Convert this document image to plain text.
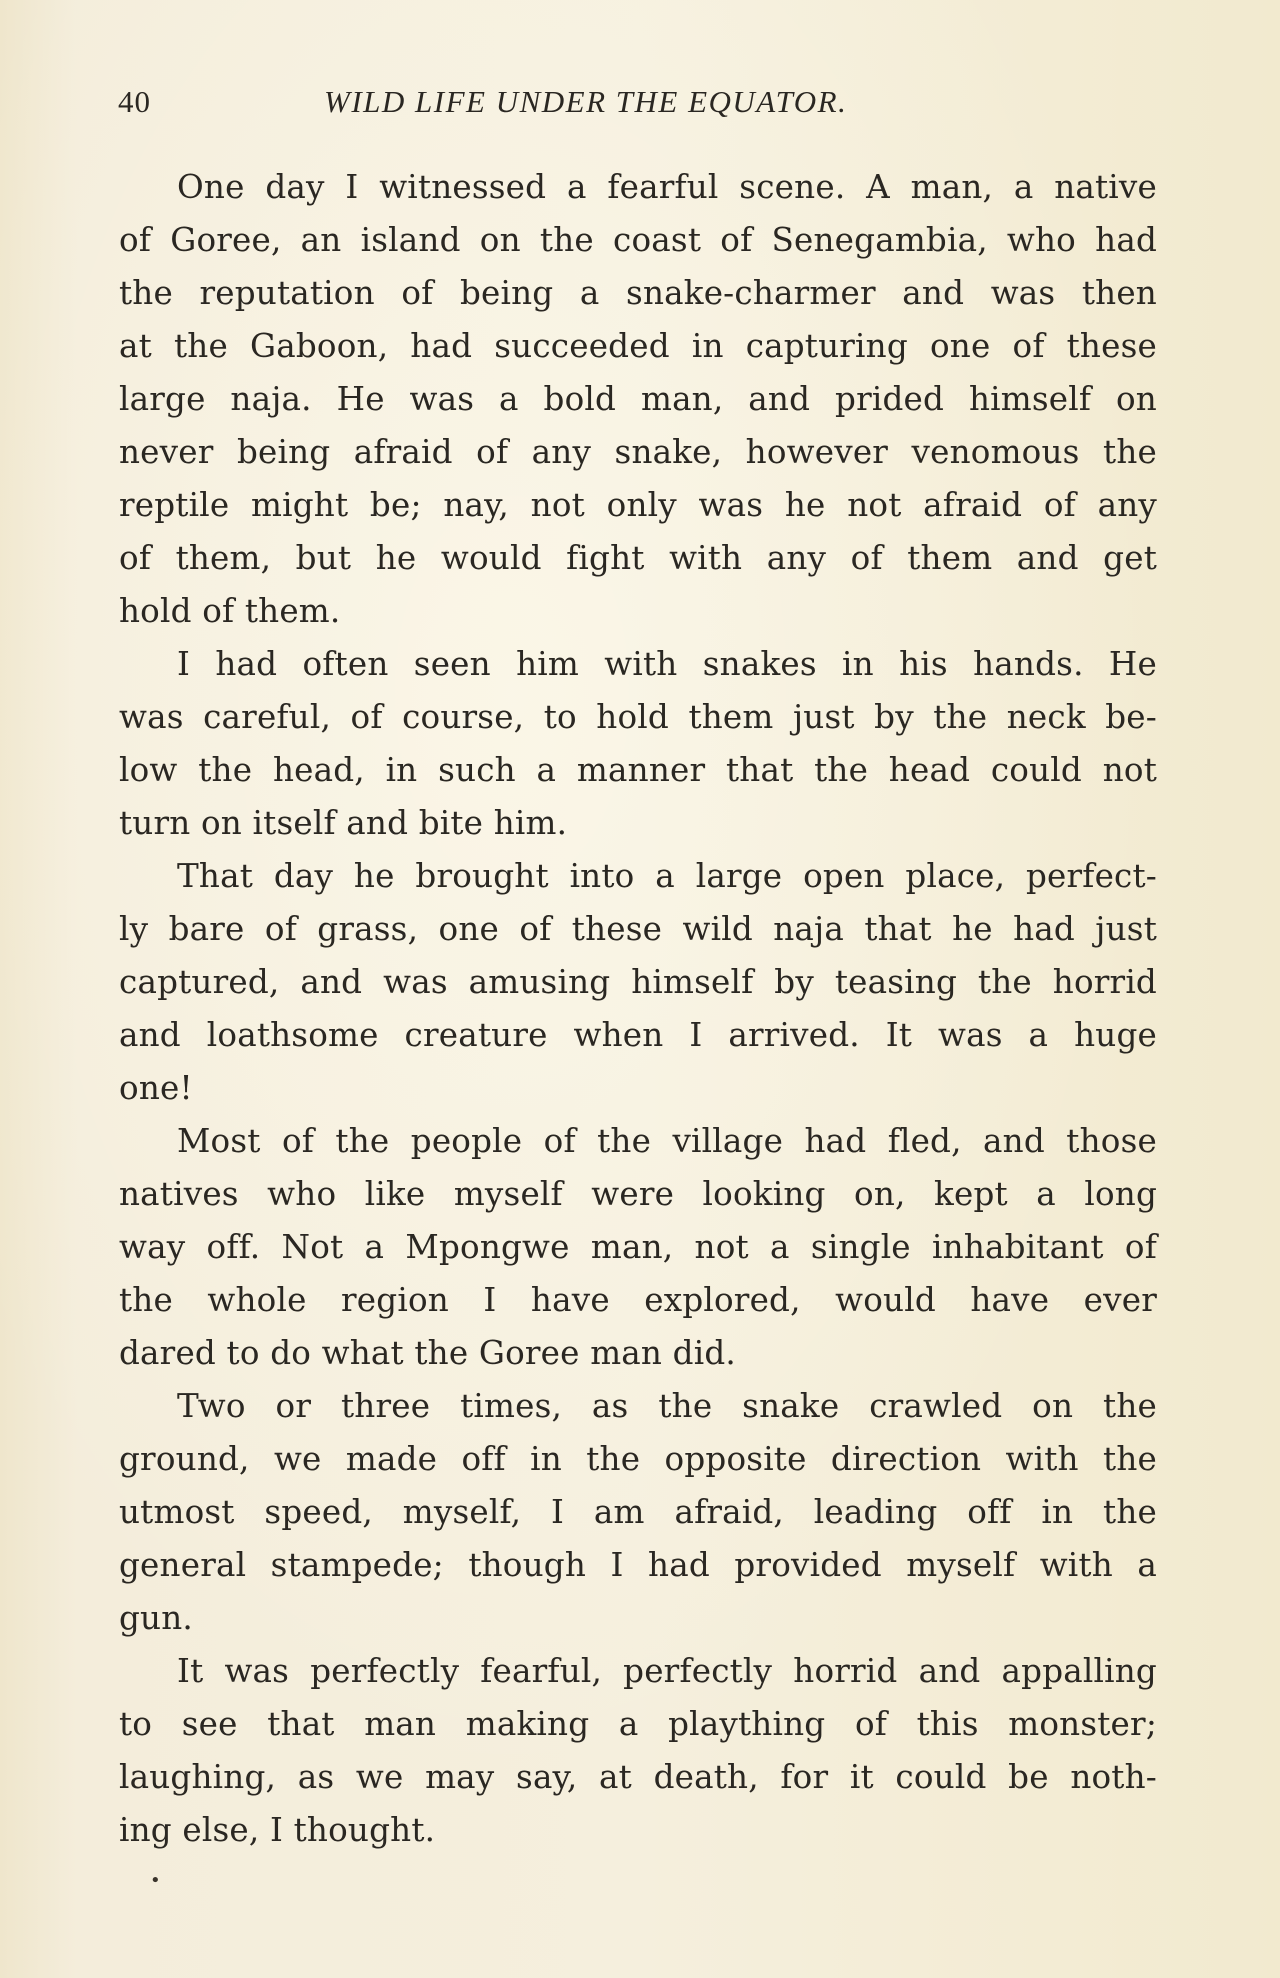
40	WILD LIFE UNDER THE EQUATOR.
One day I witnessed a fearful scene. A man, a native
of Goree, an island on the coast of Senegambia, who had
the reputation of being a snake-charmer and was then
at the Gaboon, had succeeded in capturing one of these
large naja. He was a bold man, and prided himself on
never being afraid of any snake, however venomous the
reptile might be; nay, not only was he not afraid of any
of them, but he would fight with any of them and get
hold of them.
I had often seen him with snakes in his hands. He
was careful, of course, to hold them just by the neck be-
low the head, in such a manner that the head could not
turn on itself and bite him.
That day he brought into a large open place, perfect-
ly bare of grass, one of these wild naja that he had just
captured, and was amusing himself by teasing the horrid
and loathsome creature when I arrived. It was a huge
one!
Most of the people of the village had fled, and those
natives who like myself were looking on, kept a long
way off. Not a Mpongwe man, not a single inhabitant of
the whole region I have explored, would have ever
dared to do what the Goree man did.
Two or three times, as the snake crawled on the
ground, we made off in the opposite direction with the
utmost speed, myself, I am afraid, leading off in the
general stampede; though I had provided myself with a
gun.
It was perfectly fearful, perfectly horrid and appalling
to see that man making a plaything of this monster;
laughing, as we may say, at death, for it could be noth-
ing else, I thought.
•
